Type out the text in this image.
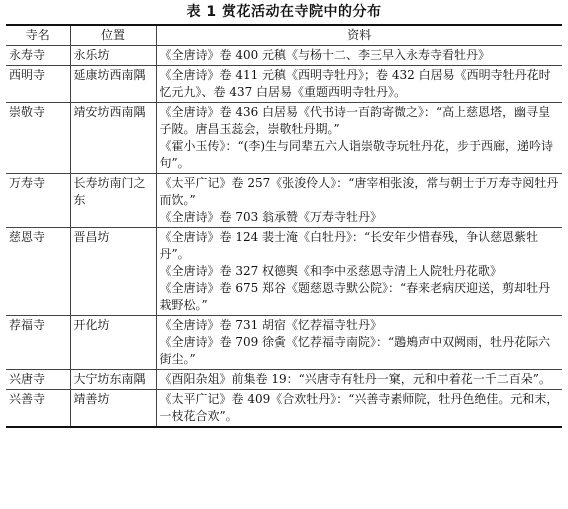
表 1 赏花活动在寺院中的分布
寺名	位置	资料
永寿寺	永乐坊	《全唐诗》卷 400 元稹《与杨十二、李三早入永寿寺看牡丹》

西明寺	延康坊西南隅	《全唐诗》卷 411 元稹《西明寺牡丹》；卷 432 白居易《西明寺牡丹花时忆元九》、卷 437 白居易《重题西明寺牡丹》。

崇敬寺	靖安坊西南隅	《全唐诗》卷 436 白居易《代书诗一百韵寄微之》：“高上慈恩塔，幽寻皇子陂。唐昌玉蕊会，崇敬牡丹期。”
《霍小玉传》：“(李)生与同辈五六人诣崇敬寺玩牡丹花，步于西廊，递吟诗句”。

万寿寺	长寿坊南门之东	《太平广记》卷 257《张浚伶人》：“唐宰相张浚，常与朝士于万寿寺阅牡丹而饮。”
《全唐诗》卷 703 翁承赞《万寿寺牡丹》

慈恩寺	晋昌坊	《全唐诗》卷 124 裴士淹《白牡丹》：“长安年少惜春残，争认慈恩紫牡丹”。
《全唐诗》卷 327 权德舆《和李中丞慈恩寺清上人院牡丹花歌》
《全唐诗》卷 675 郑谷《题慈恩寺默公院》：“春来老病厌迎送，剪却牡丹栽野松。”

荐福寺	开化坊	《全唐诗》卷 731 胡宿《忆荐福寺牡丹》
《全唐诗》卷 709 徐夤《忆荐福寺南院》：“鶗鴂声中双阙雨，牡丹花际六街尘。”

兴唐寺	大宁坊东南隅	《酉阳杂俎》前集卷 19：“兴唐寺有牡丹一窠，元和中着花一千二百朵”。

兴善寺	靖善坊	《太平广记》卷 409《合欢牡丹》：“兴善寺素师院，牡丹色绝佳。元和末，一枝花合欢”。
